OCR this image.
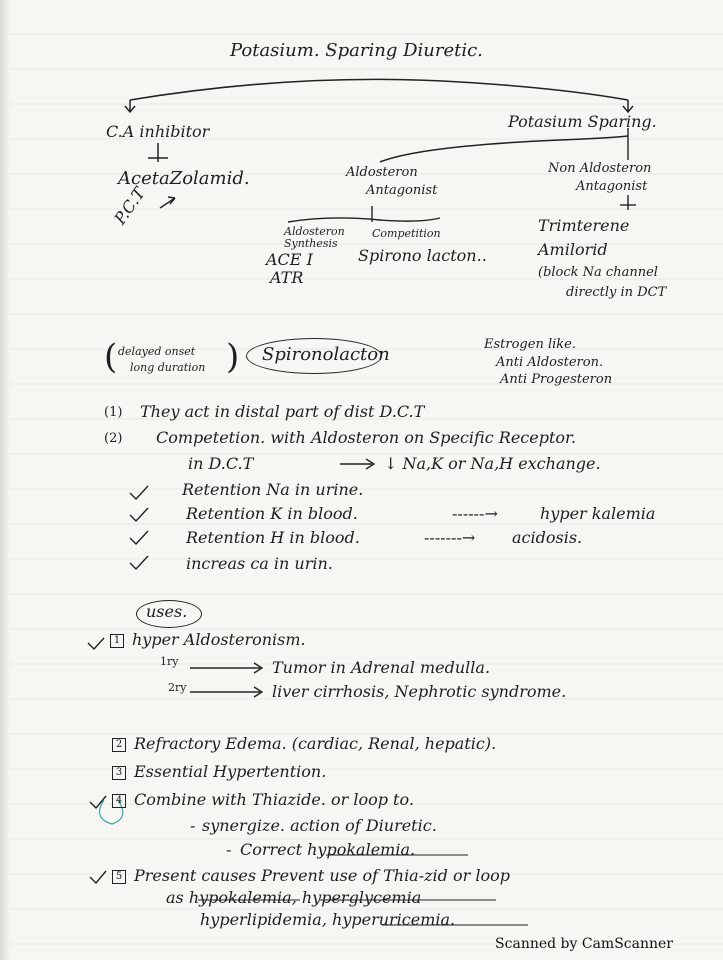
Potasium. Sparing Diuretic.
C.A inhibitor
AcetaZolamid.
P.C.T
Potasium Sparing.
Aldosteron
Antagonist
Non Aldosteron
Antagonist
Aldosteron
Synthesis
ACE I
ATR
Competition
Spirono lacton..
Trimterene
Amilorid
(block Na channel
directly in DCT
delayed onset
long duration
(	) Spironolacton	Estrogen like.
Anti Aldosteron.
Anti Progesteron
(1) They act in distal part of dist D.C.T
(2) Competetion. with Aldosteron on Specific Receptor.
in D.C.T	↓ Na,K or Na,H exchange.
Retention Na in urine.
Retention K in blood.	------→	hyper kalemia
Retention H in blood.	-------→ acidosis.
increas ca in urin.
uses.
1 hyper Aldosteronism.
1ry	Tumor in Adrenal medulla.
2ry	liver cirrhosis, Nephrotic syndrome.
2 Refractory Edema. (cardiac, Renal, hepatic).
3 Essential Hypertention.
4 Combine with Thiazide. or loop to.
- synergize. action of Diuretic.
- Correct hypokalemia.
5 Present causes Prevent use of Thia-zid or loop
as hypokalemia, hyperglycemia
hyperlipidemia, hyperuricemia.
Scanned by CamScanner
